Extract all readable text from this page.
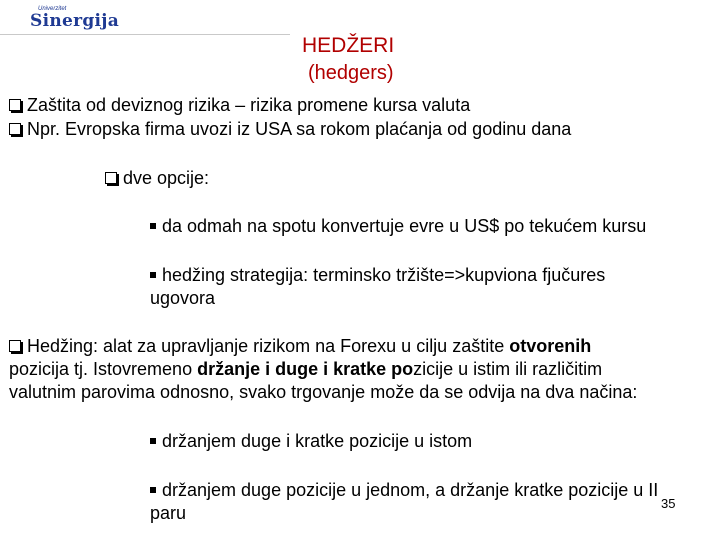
Univerzitet
Sinergija
HEDŽERI
(hedgers)
Zaštita od deviznog rizika – rizika promene kursa valuta
Npr. Evropska firma uvozi iz USA sa rokom plaćanja od godinu dana
dve opcije:
da odmah na spotu konvertuje evre u US$ po tekućem kursu
hedžing strategija: terminsko tržište=>kupviona fjučures
ugovora
Hedžing: alat za upravljanje rizikom na Forexu u cilju zaštite otvorenih
pozicija tj. Istovremeno držanje i duge i kratke pozicije u istim ili različitim
valutnim parovima odnosno, svako trgovanje može da se odvija na dva načina:
držanjem duge i kratke pozicije u istom
držanjem duge pozicije u jednom, a držanje kratke pozicije u II
paru	35
